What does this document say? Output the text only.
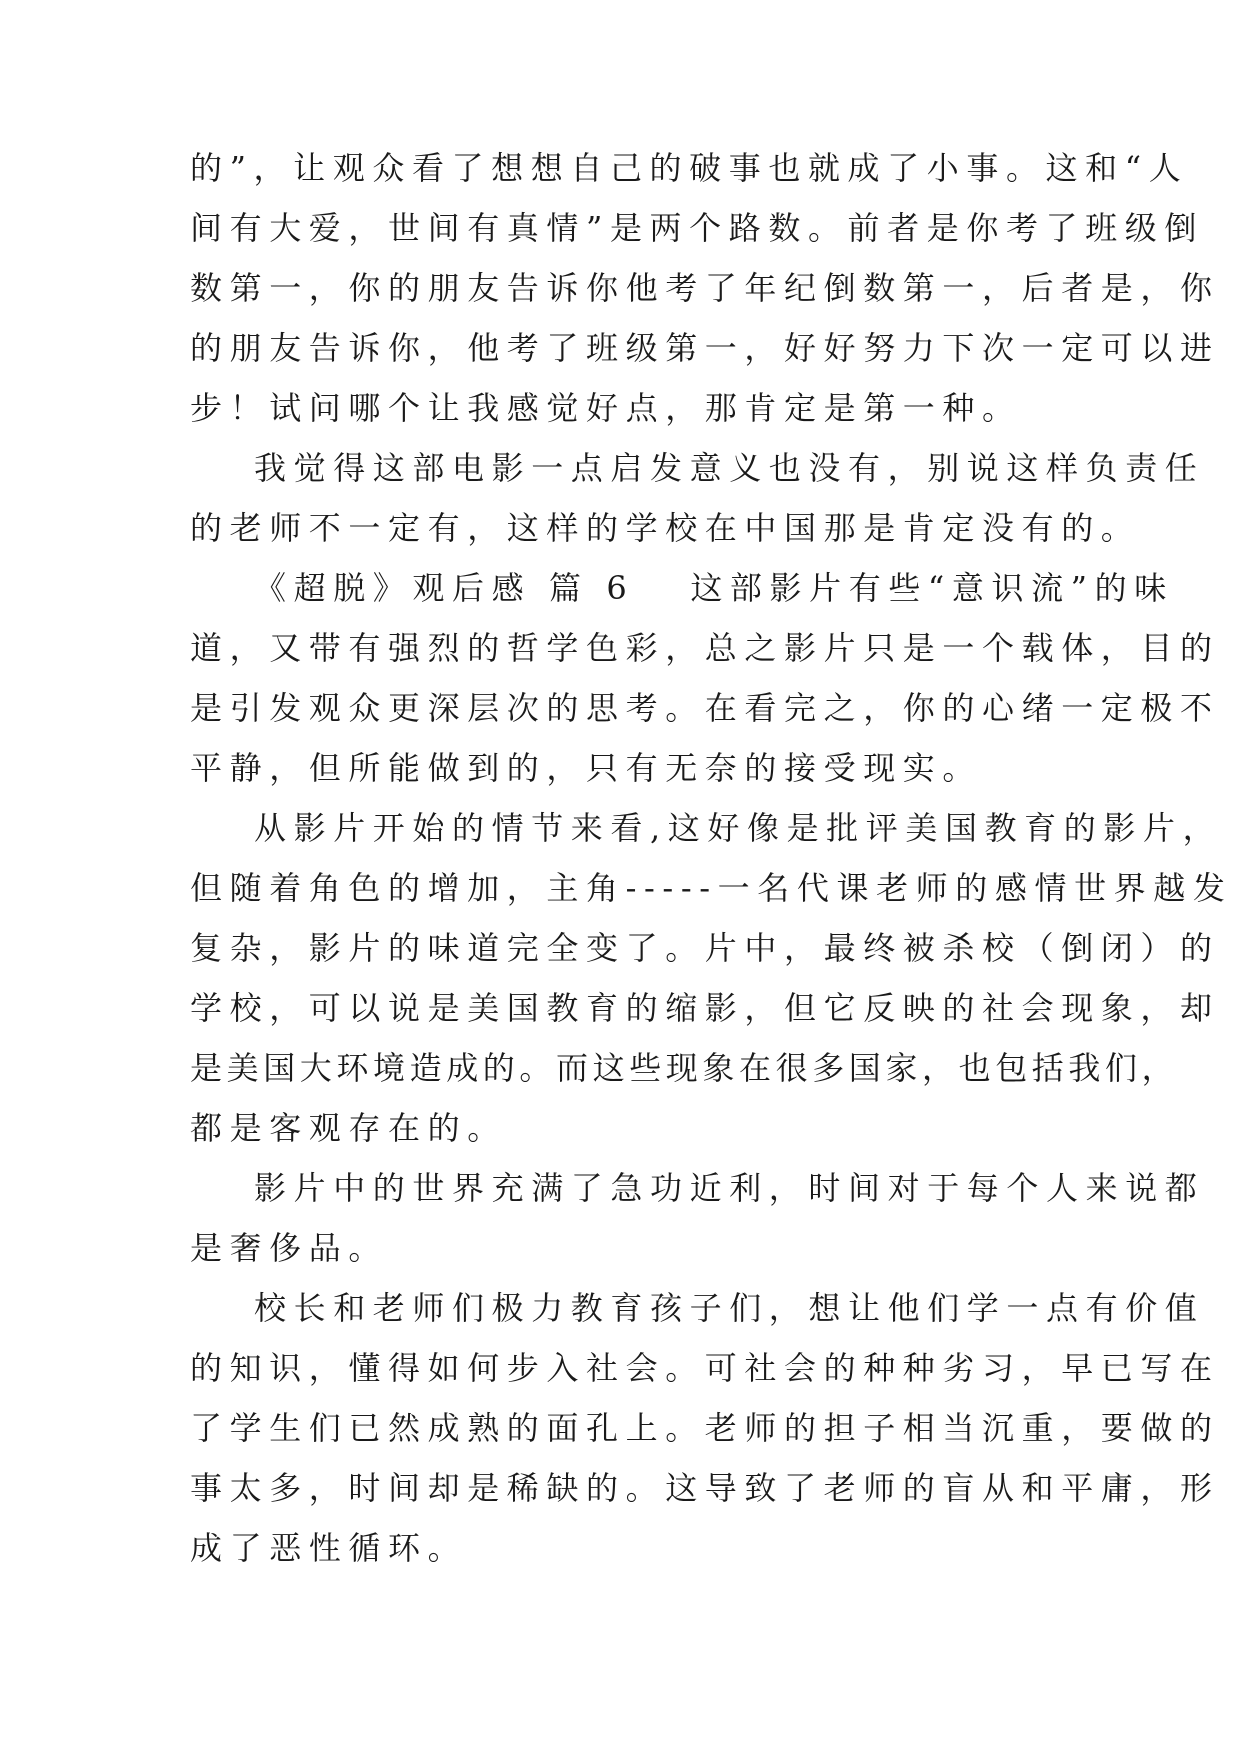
的”，让观众看了想想自己的破事也就成了小事。这和“人
间有大爱，世间有真情”是两个路数。前者是你考了班级倒
数第一，你的朋友告诉你他考了年纪倒数第一，后者是，你
的朋友告诉你，他考了班级第一，好好努力下次一定可以进
步！试问哪个让我感觉好点，那肯定是第一种。
我觉得这部电影一点启发意义也没有，别说这样负责任
的老师不一定有，这样的学校在中国那是肯定没有的。
《超脱》观后感 篇 6 这部影片有些“意识流”的味
道，又带有强烈的哲学色彩，总之影片只是一个载体，目的
是引发观众更深层次的思考。在看完之，你的心绪一定极不
平静，但所能做到的，只有无奈的接受现实。
从影片开始的情节来看,这好像是批评美国教育的影片，
但随着角色的增加，主角-----一名代课老师的感情世界越发
复杂，影片的味道完全变了。片中，最终被杀校（倒闭）的
学校，可以说是美国教育的缩影，但它反映的社会现象，却
是美国大环境造成的。而这些现象在很多国家，也包括我们，
都是客观存在的。
影片中的世界充满了急功近利，时间对于每个人来说都
是奢侈品。
校长和老师们极力教育孩子们，想让他们学一点有价值
的知识，懂得如何步入社会。可社会的种种劣习，早已写在
了学生们已然成熟的面孔上。老师的担子相当沉重，要做的
事太多，时间却是稀缺的。这导致了老师的盲从和平庸，形
成了恶性循环。
